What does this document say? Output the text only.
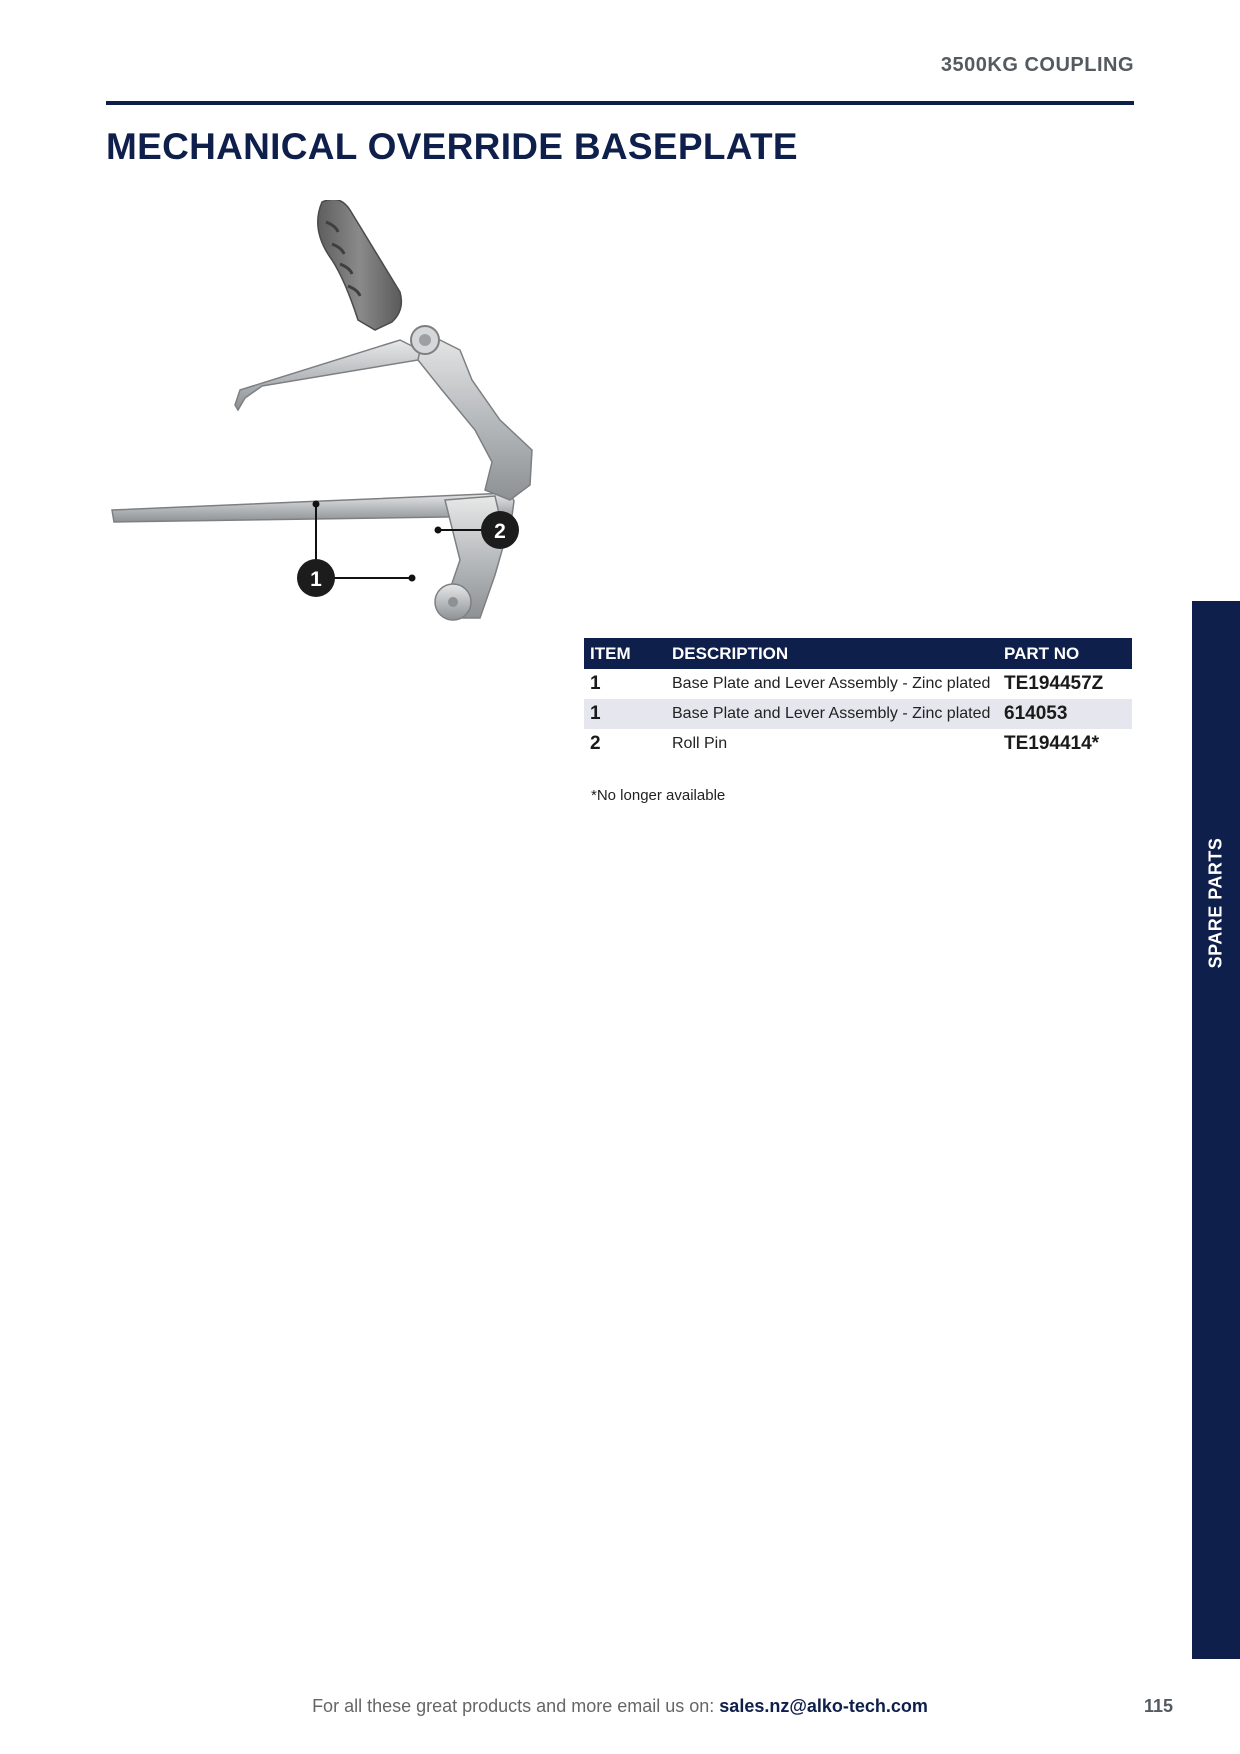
3500KG COUPLING
MECHANICAL OVERRIDE BASEPLATE
1
2
ITEM	DESCRIPTION	PART NO
1	Base Plate and Lever Assembly - Zinc plated	TE194457Z
1	Base Plate and Lever Assembly - Zinc plated	614053
2	Roll Pin	TE194414*
*No longer available
SPARE PARTS
For all these great products and more email us on: sales.nz@alko-tech.com	115
